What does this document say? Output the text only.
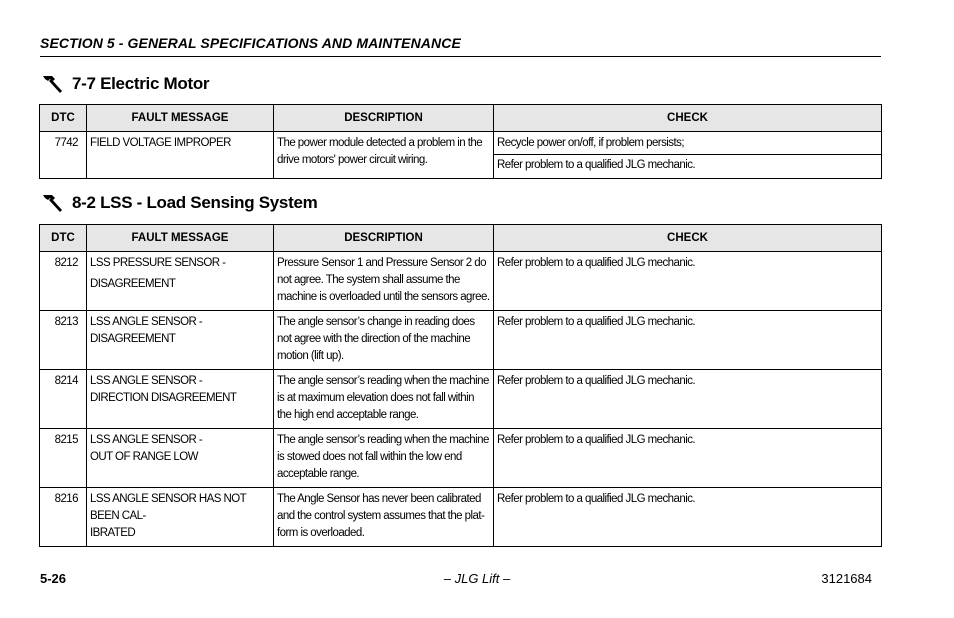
SECTION 5 - GENERAL SPECIFICATIONS AND MAINTENANCE
7-7 Electric Motor
DTC	FAULT MESSAGE	DESCRIPTION	CHECK
7742	FIELD VOLTAGE IMPROPER	The power module detected a problem in the drive motors' power circuit wiring.	Recycle power on/off, if problem persists;
Refer problem to a qualified JLG mechanic.
8-2 LSS - Load Sensing System
DTC	FAULT MESSAGE	DESCRIPTION	CHECK
8212	LSS PRESSURE SENSOR -
DISAGREEMENT	Pressure Sensor 1 and Pressure Sensor 2 do not agree. The system shall assume the machine is overloaded until the sensors agree.	Refer problem to a qualified JLG mechanic.
8213	LSS ANGLE SENSOR -
DISAGREEMENT	The angle sensor’s change in reading does not agree with the direction of the machine motion (lift up).	Refer problem to a qualified JLG mechanic.
8214	LSS ANGLE SENSOR -
DIRECTION DISAGREEMENT	The angle sensor’s reading when the machine is at maximum elevation does not fall within the high end acceptable range.	Refer problem to a qualified JLG mechanic.
8215	LSS ANGLE SENSOR -
OUT OF RANGE LOW	The angle sensor’s reading when the machine is stowed does not fall within the low end acceptable range.	Refer problem to a qualified JLG mechanic.
8216	LSS ANGLE SENSOR HAS NOT BEEN CAL-
IBRATED	The Angle Sensor has never been calibrated and the control system assumes that the plat-form is overloaded.	Refer problem to a qualified JLG mechanic.
5-26	– JLG Lift –	3121684
